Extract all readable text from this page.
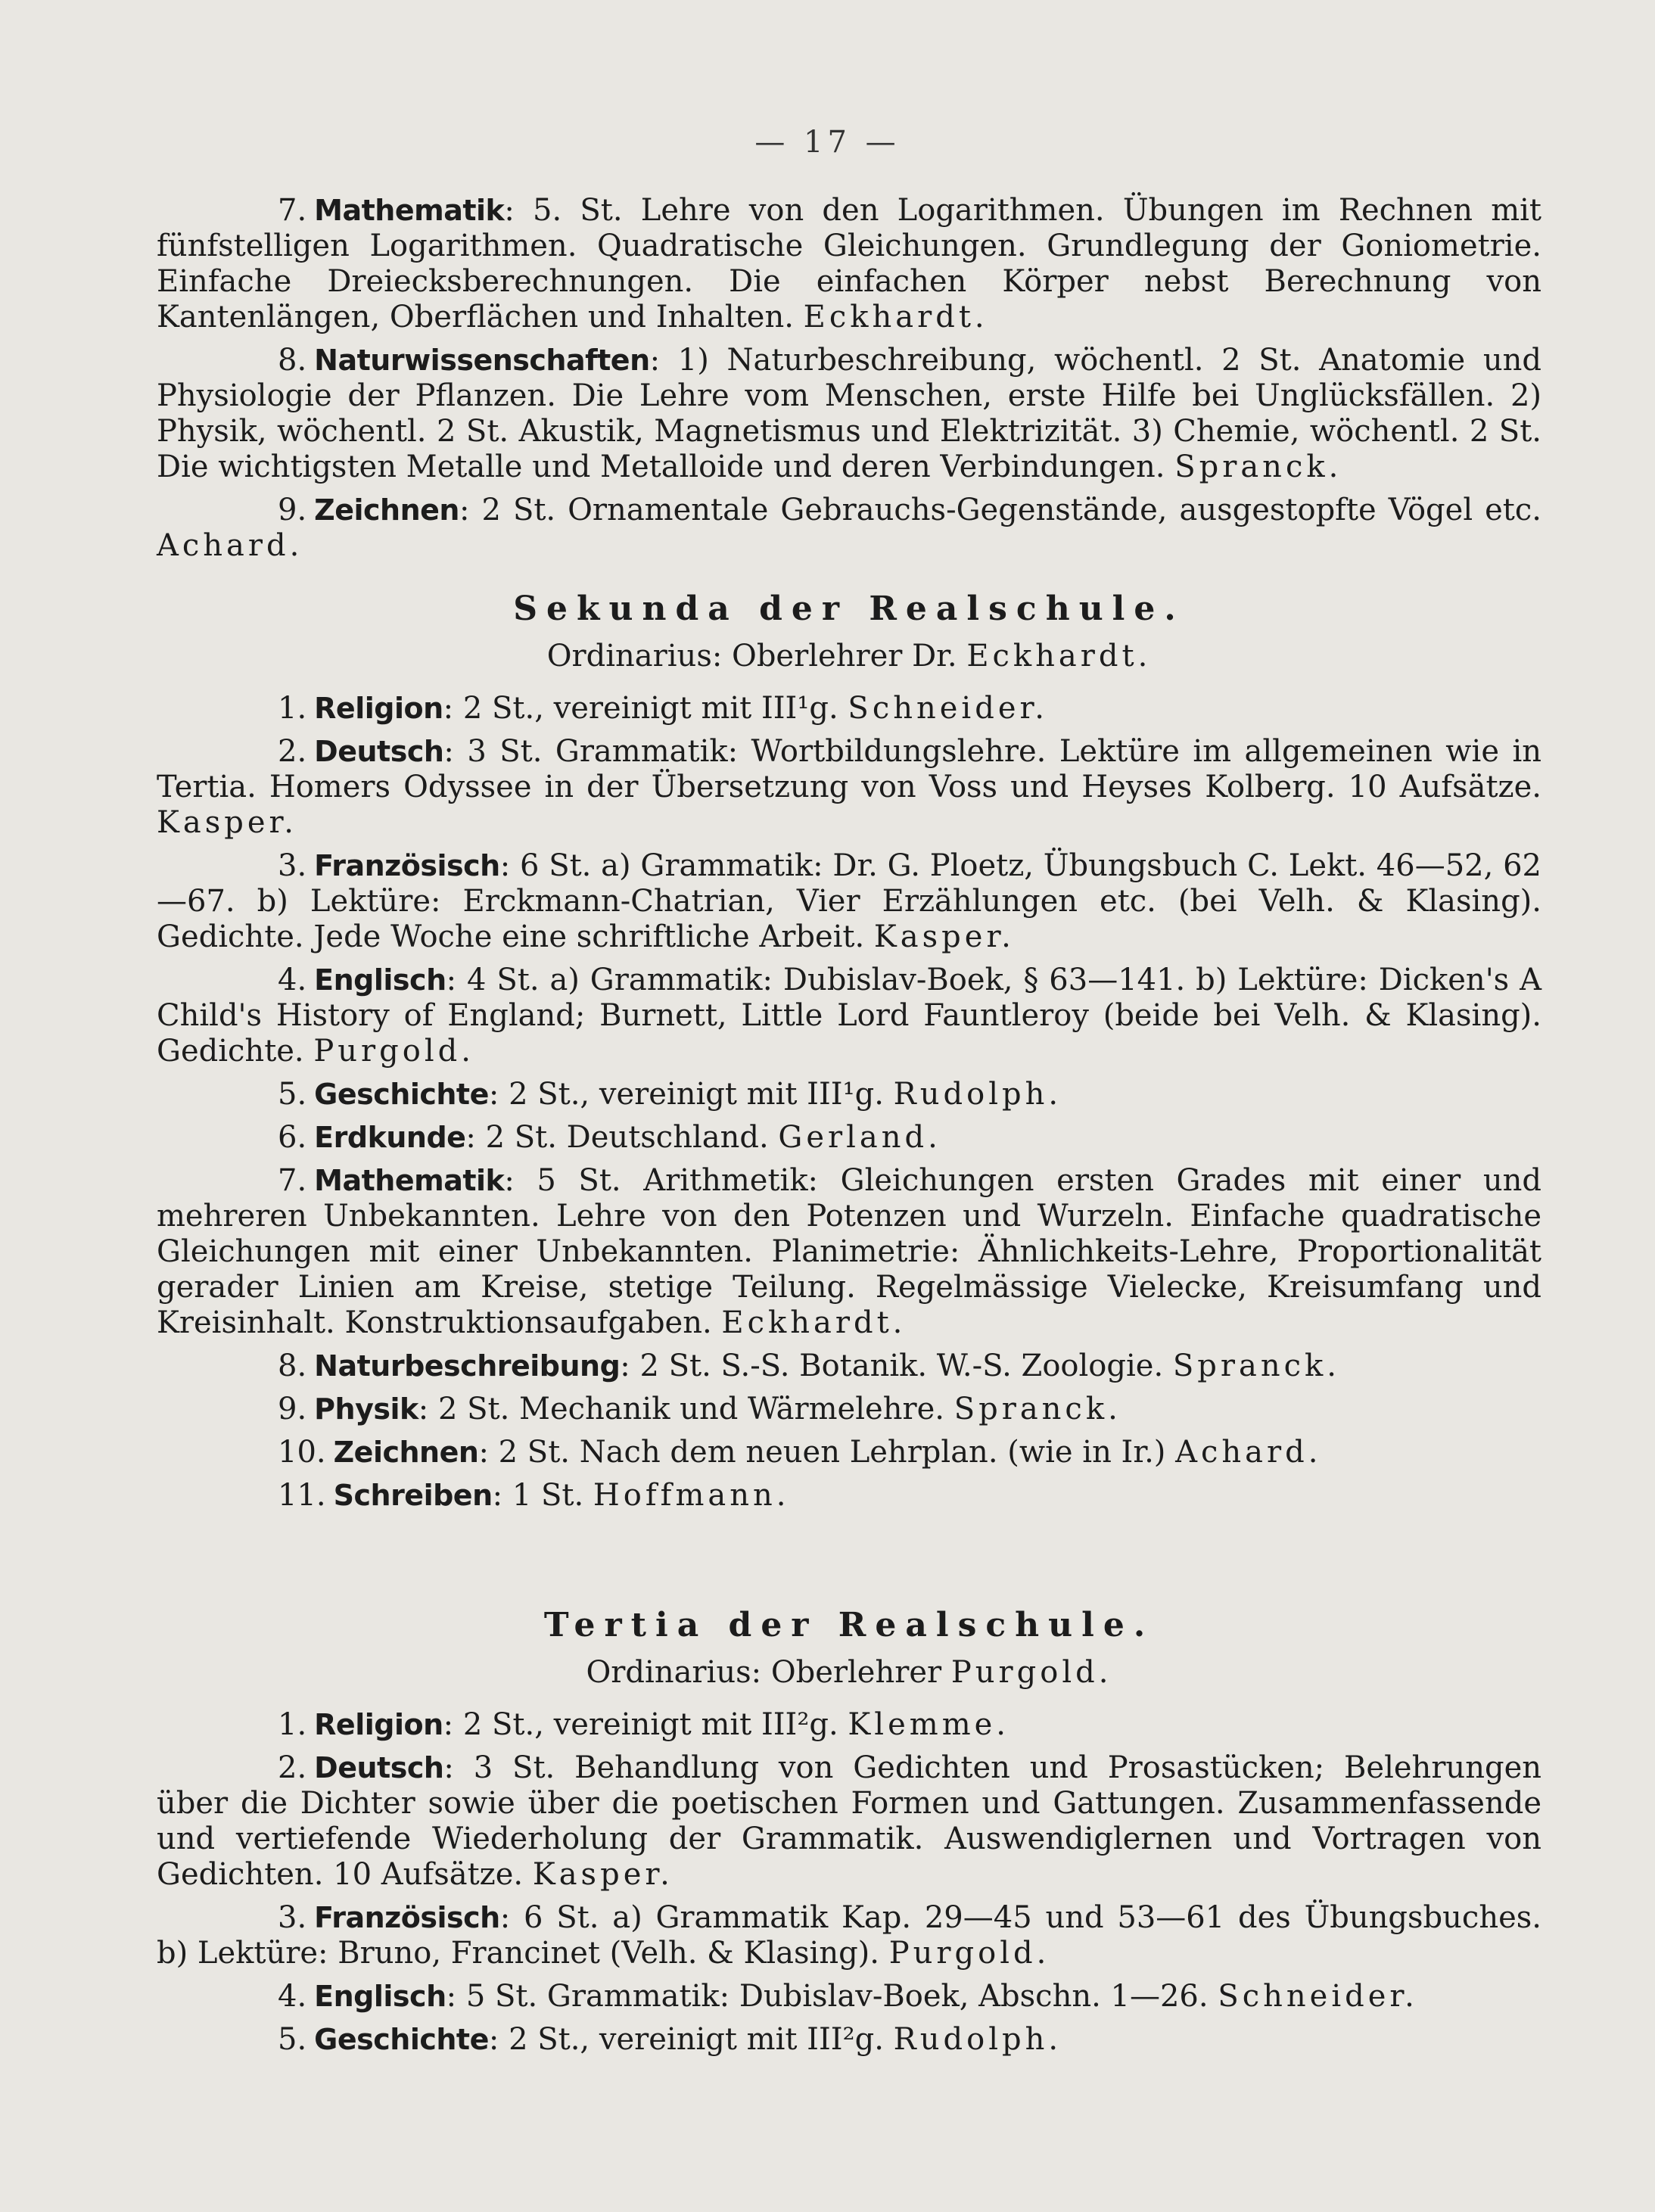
— 17 —

7. Mathematik: 5. St. Lehre von den Logarithmen. Übungen im Rechnen mit fünfstelligen Logarithmen. Quadratische Gleichungen. Grundlegung der Goniometrie. Einfache Dreiecksberechnungen. Die einfachen Körper nebst Berechnung von Kantenlängen, Oberflächen und Inhalten. Eckhardt.

8. Naturwissenschaften: 1) Naturbeschreibung, wöchentl. 2 St. Anatomie und Physiologie der Pflanzen. Die Lehre vom Menschen, erste Hilfe bei Unglücksfällen. 2) Physik, wöchentl. 2 St. Akustik, Magnetismus und Elektrizität. 3) Chemie, wöchentl. 2 St. Die wichtigsten Metalle und Metalloide und deren Verbindungen. Spranck.

9. Zeichnen: 2 St. Ornamentale Gebrauchs-Gegenstände, ausgestopfte Vögel etc. Achard.

Sekunda der Realschule.
Ordinarius: Oberlehrer Dr. Eckhardt.

1. Religion: 2 St., vereinigt mit III¹g. Schneider.

2. Deutsch: 3 St. Grammatik: Wortbildungslehre. Lektüre im allgemeinen wie in Tertia. Homers Odyssee in der Übersetzung von Voss und Heyses Kolberg. 10 Aufsätze. Kasper.

3. Französisch: 6 St. a) Grammatik: Dr. G. Ploetz, Übungsbuch C. Lekt. 46—52, 62—67. b) Lektüre: Erckmann-Chatrian, Vier Erzählungen etc. (bei Velh. & Klasing). Gedichte. Jede Woche eine schriftliche Arbeit. Kasper.

4. Englisch: 4 St. a) Grammatik: Dubislav-Boek, § 63—141. b) Lektüre: Dicken's A Child's History of England; Burnett, Little Lord Fauntleroy (beide bei Velh. & Klasing). Gedichte. Purgold.

5. Geschichte: 2 St., vereinigt mit III¹g. Rudolph.

6. Erdkunde: 2 St. Deutschland. Gerland.

7. Mathematik: 5 St. Arithmetik: Gleichungen ersten Grades mit einer und mehreren Unbekannten. Lehre von den Potenzen und Wurzeln. Einfache quadratische Gleichungen mit einer Unbekannten. Planimetrie: Ähnlichkeits-Lehre, Proportionalität gerader Linien am Kreise, stetige Teilung. Regelmässige Vielecke, Kreisumfang und Kreisinhalt. Konstruktionsaufgaben. Eckhardt.

8. Naturbeschreibung: 2 St. S.-S. Botanik. W.-S. Zoologie. Spranck.

9. Physik: 2 St. Mechanik und Wärmelehre. Spranck.

10. Zeichnen: 2 St. Nach dem neuen Lehrplan. (wie in Ir.) Achard.

11. Schreiben: 1 St. Hoffmann.

Tertia der Realschule.
Ordinarius: Oberlehrer Purgold.

1. Religion: 2 St., vereinigt mit III²g. Klemme.

2. Deutsch: 3 St. Behandlung von Gedichten und Prosastücken; Belehrungen über die Dichter sowie über die poetischen Formen und Gattungen. Zusammenfassende und vertiefende Wiederholung der Grammatik. Auswendiglernen und Vortragen von Gedichten. 10 Aufsätze. Kasper.

3. Französisch: 6 St. a) Grammatik Kap. 29—45 und 53—61 des Übungsbuches. b) Lektüre: Bruno, Francinet (Velh. & Klasing). Purgold.

4. Englisch: 5 St. Grammatik: Dubislav-Boek, Abschn. 1—26. Schneider.

5. Geschichte: 2 St., vereinigt mit III²g. Rudolph.
